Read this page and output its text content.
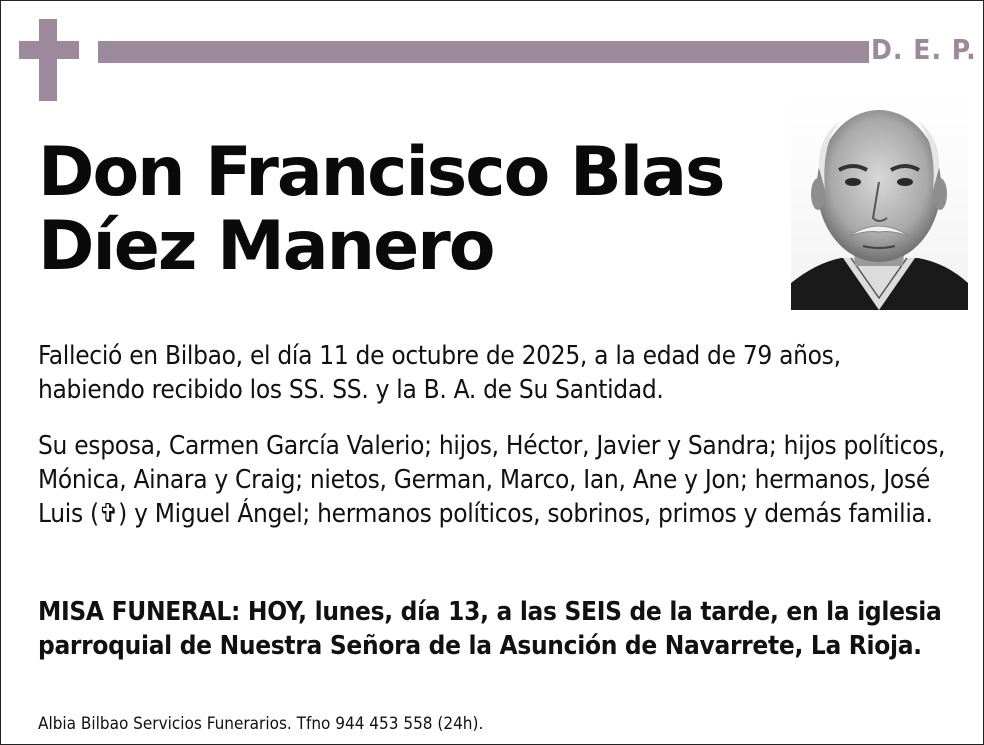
D. E. P.
Don Francisco Blas
Díez Manero

Falleció en Bilbao, el día 11 de octubre de 2025, a la edad de 79 años, habiendo recibido los SS. SS. y la B. A. de Su Santidad.

Su esposa, Carmen García Valerio; hijos, Héctor, Javier y Sandra; hijos políticos, Mónica, Ainara y Craig; nietos, German, Marco, Ian, Ane y Jon; hermanos, José Luis (✞) y Miguel Ángel; hermanos políticos, sobrinos, primos y demás familia.

MISA FUNERAL: HOY, lunes, día 13, a las SEIS de la tarde, en la iglesia parroquial de Nuestra Señora de la Asunción de Navarrete, La Rioja.

Albia Bilbao Servicios Funerarios. Tfno 944 453 558 (24h).
